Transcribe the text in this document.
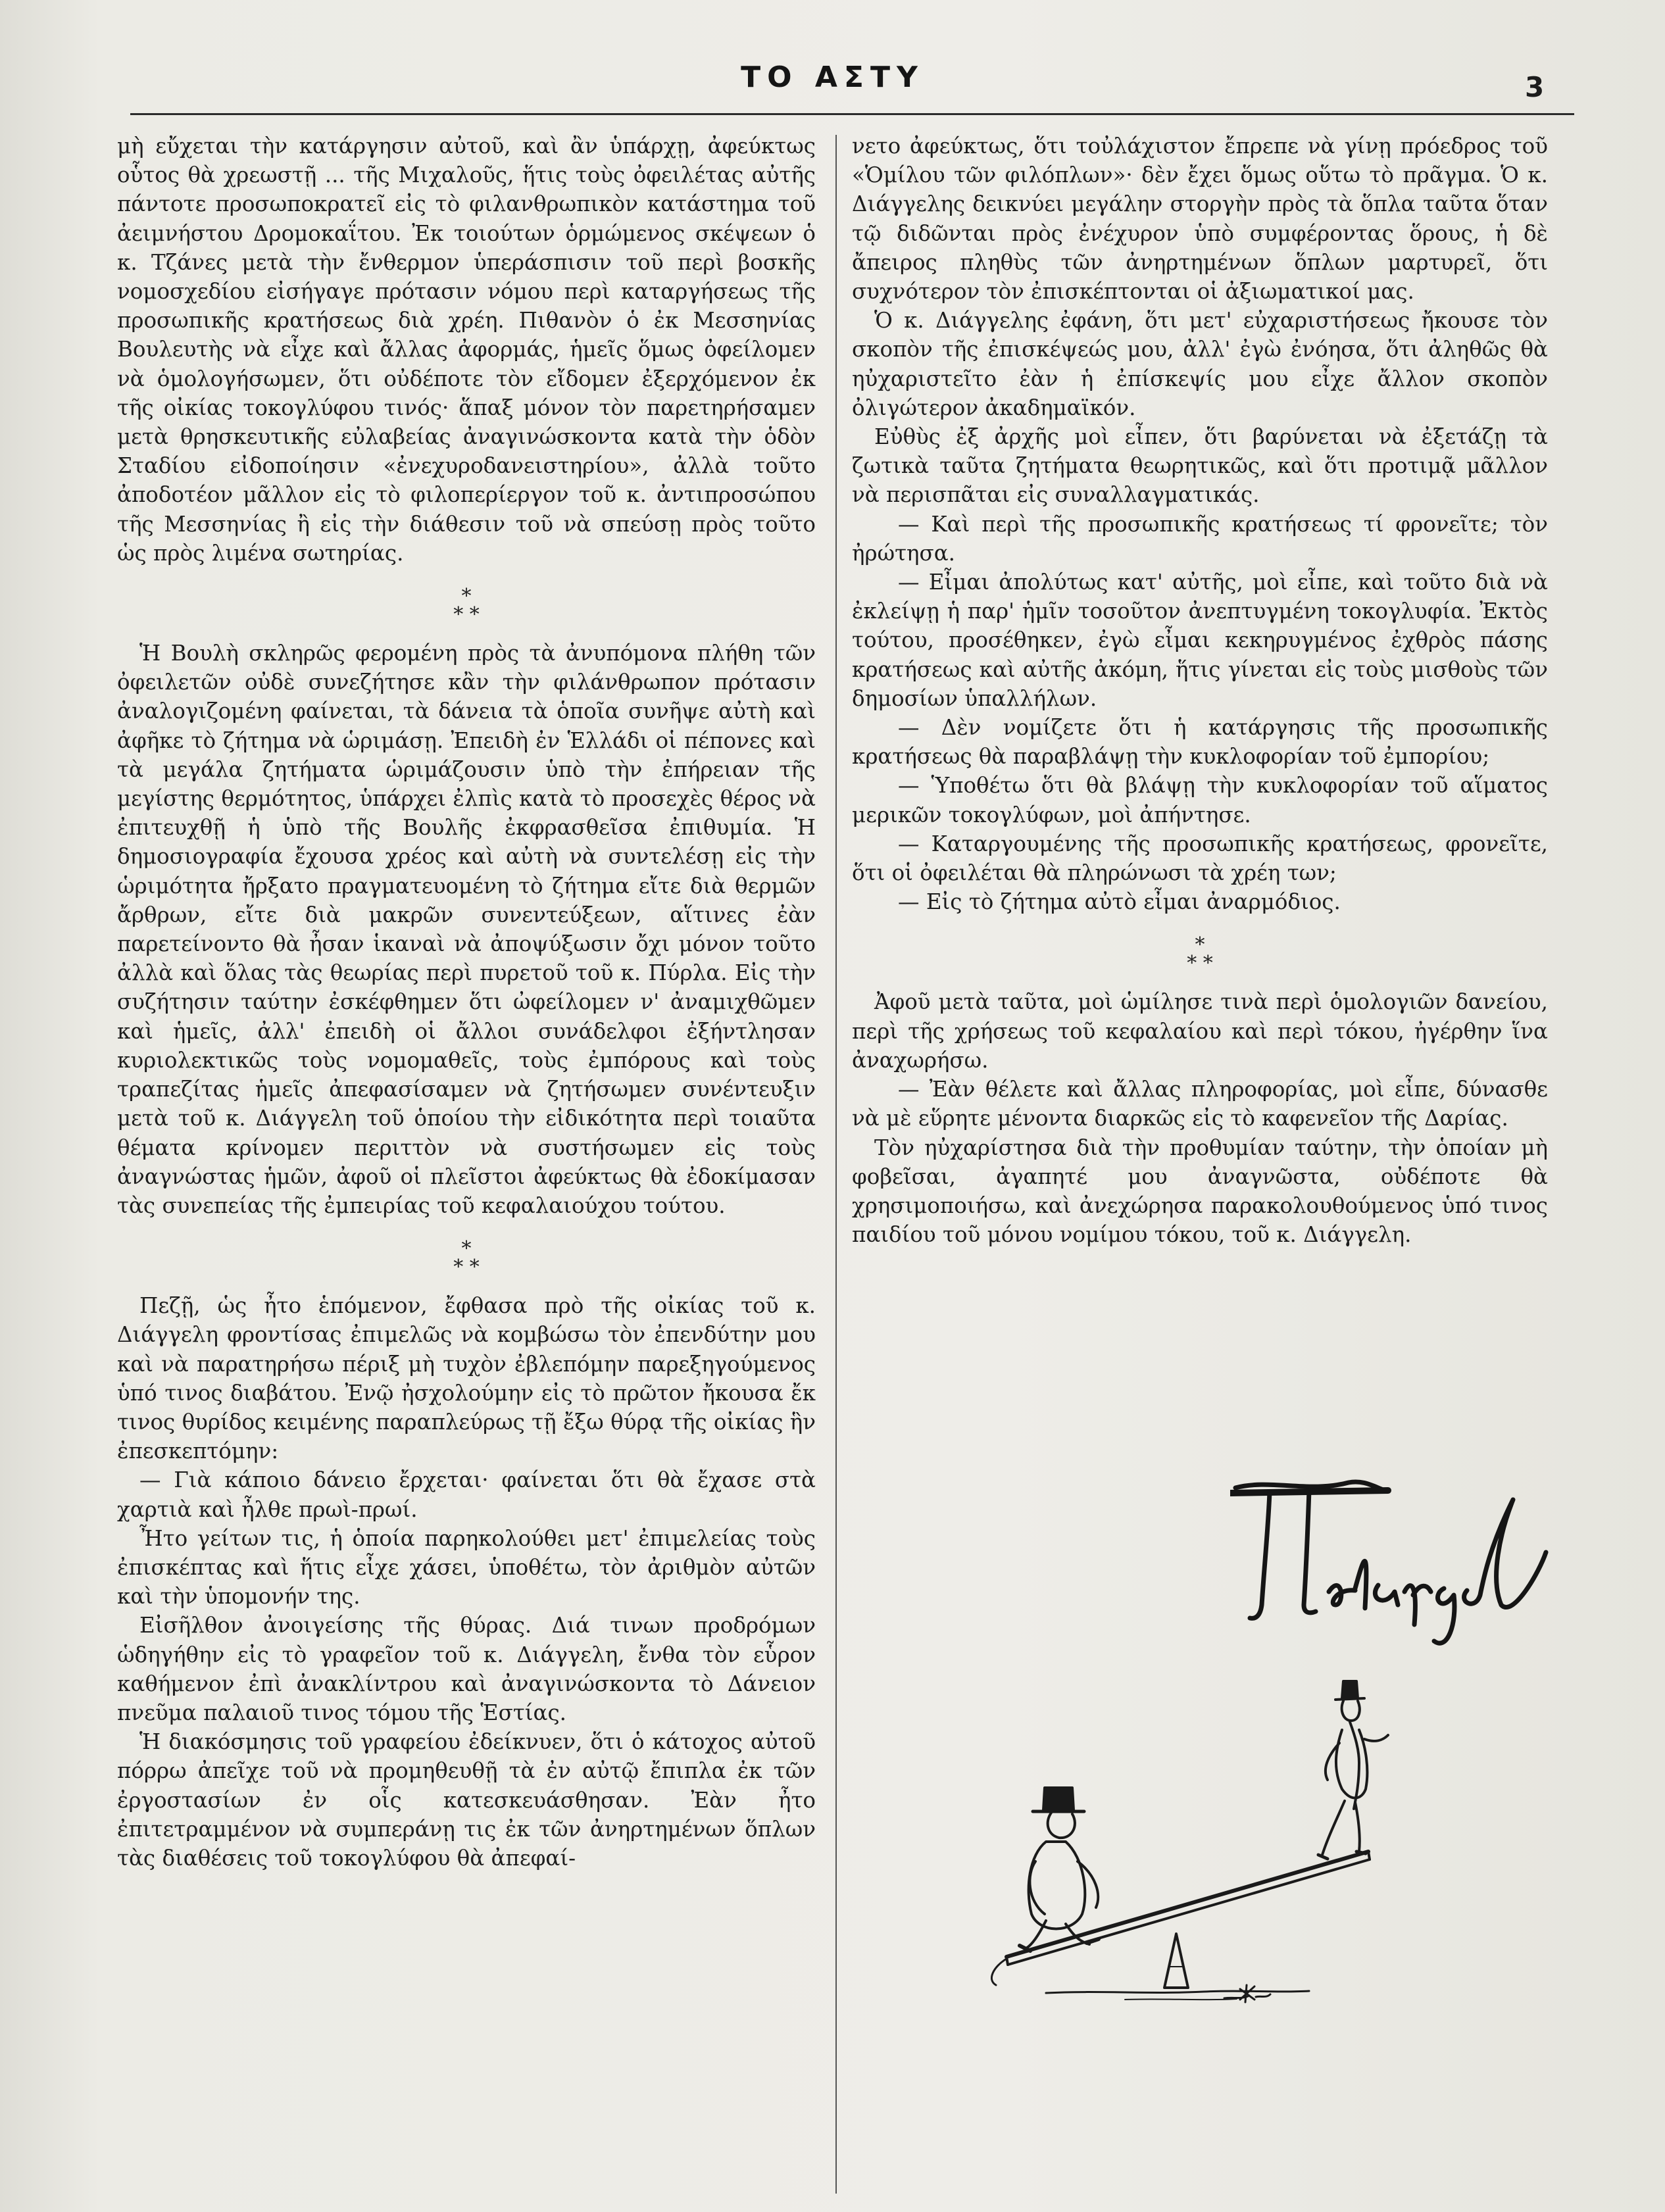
ΤΟ ΑΣΤΥ	3

μὴ εὔχεται τὴν κατάργησιν αὐτοῦ, καὶ ἂν ὑπάρχῃ, ἀφεύκτως οὗτος θὰ χρεωστῇ ... τῆς Μιχαλοῦς, ἥτις τοὺς ὀφειλέτας αὐτῆς πάντοτε προσωποκρατεῖ εἰς τὸ φιλανθρωπικὸν κατάστημα τοῦ ἀειμνήστου Δρομοκαΐτου. Ἐκ τοιούτων ὁρμώμενος σκέψεων ὁ κ. Τζάνες μετὰ τὴν ἔνθερμον ὑπεράσπισιν τοῦ περὶ βοσκῆς νομοσχεδίου εἰσήγαγε πρότασιν νόμου περὶ καταργήσεως τῆς προσωπικῆς κρατήσεως διὰ χρέη. Πιθανὸν ὁ ἐκ Μεσσηνίας Βουλευτὴς νὰ εἶχε καὶ ἄλλας ἀφορμάς, ἡμεῖς ὅμως ὀφείλομεν νὰ ὁμολογήσωμεν, ὅτι οὐδέποτε τὸν εἴδομεν ἐξερχόμενον ἐκ τῆς οἰκίας τοκογλύφου τινός· ἅπαξ μόνον τὸν παρετηρήσαμεν μετὰ θρησκευτικῆς εὐλαβείας ἀναγινώσκοντα κατὰ τὴν ὁδὸν Σταδίου εἰδοποίησιν «ἐνεχυροδανειστηρίου», ἀλλὰ τοῦτο ἀποδοτέον μᾶλλον εἰς τὸ φιλοπερίεργον τοῦ κ. ἀντιπροσώπου τῆς Μεσσηνίας ἢ εἰς τὴν διάθεσιν τοῦ νὰ σπεύσῃ πρὸς τοῦτο ὡς πρὸς λιμένα σωτηρίας.

*
* *

Ἡ Βουλὴ σκληρῶς φερομένη πρὸς τὰ ἀνυπόμονα πλήθη τῶν ὀφειλετῶν οὐδὲ συνεζήτησε κἂν τὴν φιλάνθρωπον πρότασιν ἀναλογιζομένη φαίνεται, τὰ δάνεια τὰ ὁποῖα συνῆψε αὐτὴ καὶ ἀφῆκε τὸ ζήτημα νὰ ὡριμάσῃ. Ἐπειδὴ ἐν Ἑλλάδι οἱ πέπονες καὶ τὰ μεγάλα ζητήματα ὡριμάζουσιν ὑπὸ τὴν ἐπήρειαν τῆς μεγίστης θερμότητος, ὑπάρχει ἐλπὶς κατὰ τὸ προσεχὲς θέρος νὰ ἐπιτευχθῇ ἡ ὑπὸ τῆς Βουλῆς ἐκφρασθεῖσα ἐπιθυμία. Ἡ δημοσιογραφία ἔχουσα χρέος καὶ αὐτὴ νὰ συντελέσῃ εἰς τὴν ὡριμότητα ἤρξατο πραγματευομένη τὸ ζήτημα εἴτε διὰ θερμῶν ἄρθρων, εἴτε διὰ μακρῶν συνεντεύξεων, αἵτινες ἐὰν παρετείνοντο θὰ ἦσαν ἱκαναὶ νὰ ἀποψύξωσιν ὄχι μόνον τοῦτο ἀλλὰ καὶ ὅλας τὰς θεωρίας περὶ πυρετοῦ τοῦ κ. Πύρλα. Εἰς τὴν συζήτησιν ταύτην ἐσκέφθημεν ὅτι ὠφείλομεν ν' ἀναμιχθῶμεν καὶ ἡμεῖς, ἀλλ' ἐπειδὴ οἱ ἄλλοι συνάδελφοι ἐξήντλησαν κυριολεκτικῶς τοὺς νομομαθεῖς, τοὺς ἐμπόρους καὶ τοὺς τραπεζίτας ἡμεῖς ἀπεφασίσαμεν νὰ ζητήσωμεν συνέντευξιν μετὰ τοῦ κ. Διάγγελη τοῦ ὁποίου τὴν εἰδικότητα περὶ τοιαῦτα θέματα κρίνομεν περιττὸν νὰ συστήσωμεν εἰς τοὺς ἀναγνώστας ἡμῶν, ἀφοῦ οἱ πλεῖστοι ἀφεύκτως θὰ ἐδοκίμασαν τὰς συνεπείας τῆς ἐμπειρίας τοῦ κεφαλαιούχου τούτου.

*
* *

Πεζῇ, ὡς ἦτο ἑπόμενον, ἔφθασα πρὸ τῆς οἰκίας τοῦ κ. Διάγγελη φροντίσας ἐπιμελῶς νὰ κομβώσω τὸν ἐπενδύτην μου καὶ νὰ παρατηρήσω πέριξ μὴ τυχὸν ἐβλεπόμην παρεξηγούμενος ὑπό τινος διαβάτου. Ἐνῷ ἠσχολούμην εἰς τὸ πρῶτον ἤκουσα ἔκ τινος θυρίδος κειμένης παραπλεύρως τῇ ἔξω θύρᾳ τῆς οἰκίας ἣν ἐπεσκεπτόμην:

— Γιὰ κάποιο δάνειο ἔρχεται· φαίνεται ὅτι θὰ ἔχασε στὰ χαρτιὰ καὶ ἦλθε πρωὶ-πρωί.

Ἦτο γείτων τις, ἡ ὁποία παρηκολούθει μετ' ἐπιμελείας τοὺς ἐπισκέπτας καὶ ἥτις εἶχε χάσει, ὑποθέτω, τὸν ἀριθμὸν αὐτῶν καὶ τὴν ὑπομονήν της.

Εἰσῆλθον ἀνοιγείσης τῆς θύρας. Διά τινων προδρόμων ὡδηγήθην εἰς τὸ γραφεῖον τοῦ κ. Διάγγελη, ἔνθα τὸν εὗρον καθήμενον ἐπὶ ἀνακλίντρου καὶ ἀναγινώσκοντα τὸ Δάνειον πνεῦμα παλαιοῦ τινος τόμου τῆς Ἑστίας.

Ἡ διακόσμησις τοῦ γραφείου ἐδείκνυεν, ὅτι ὁ κάτοχος αὐτοῦ πόρρω ἀπεῖχε τοῦ νὰ προμηθευθῇ τὰ ἐν αὐτῷ ἔπιπλα ἐκ τῶν ἐργοστασίων ἐν οἷς κατεσκευάσθησαν. Ἐὰν ἦτο ἐπιτετραμμένον νὰ συμπεράνῃ τις ἐκ τῶν ἀνηρτημένων ὅπλων τὰς διαθέσεις τοῦ τοκογλύφου θὰ ἀπεφαί-

νετο ἀφεύκτως, ὅτι τοὐλάχιστον ἔπρεπε νὰ γίνῃ πρόεδρος τοῦ «Ὁμίλου τῶν φιλόπλων»· δὲν ἔχει ὅμως οὕτω τὸ πρᾶγμα. Ὁ κ. Διάγγελης δεικνύει μεγάλην στοργὴν πρὸς τὰ ὅπλα ταῦτα ὅταν τῷ διδῶνται πρὸς ἐνέχυρον ὑπὸ συμφέροντας ὅρους, ἡ δὲ ἄπειρος πληθὺς τῶν ἀνηρτημένων ὅπλων μαρτυρεῖ, ὅτι συχνότερον τὸν ἐπισκέπτονται οἱ ἀξιωματικοί μας.

Ὁ κ. Διάγγελης ἐφάνη, ὅτι μετ' εὐχαριστήσεως ἤκουσε τὸν σκοπὸν τῆς ἐπισκέψεώς μου, ἀλλ' ἐγὼ ἐνόησα, ὅτι ἀληθῶς θὰ ηὐχαριστεῖτο ἐὰν ἡ ἐπίσκεψίς μου εἶχε ἄλλον σκοπὸν ὀλιγώτερον ἀκαδημαϊκόν.

Εὐθὺς ἐξ ἀρχῆς μοὶ εἶπεν, ὅτι βαρύνεται νὰ ἐξετάζῃ τὰ ζωτικὰ ταῦτα ζητήματα θεωρητικῶς, καὶ ὅτι προτιμᾷ μᾶλλον νὰ περισπᾶται εἰς συναλλαγματικάς.

— Καὶ περὶ τῆς προσωπικῆς κρατήσεως τί φρονεῖτε; τὸν ἠρώτησα.

— Εἶμαι ἀπολύτως κατ' αὐτῆς, μοὶ εἶπε, καὶ τοῦτο διὰ νὰ ἐκλείψῃ ἡ παρ' ἡμῖν τοσοῦτον ἀνεπτυγμένη τοκογλυφία. Ἐκτὸς τούτου, προσέθηκεν, ἐγὼ εἶμαι κεκηρυγμένος ἐχθρὸς πάσης κρατήσεως καὶ αὐτῆς ἀκόμη, ἥτις γίνεται εἰς τοὺς μισθοὺς τῶν δημοσίων ὑπαλλήλων.

— Δὲν νομίζετε ὅτι ἡ κατάργησις τῆς προσωπικῆς κρατήσεως θὰ παραβλάψῃ τὴν κυκλοφορίαν τοῦ ἐμπορίου;

— Ὑποθέτω ὅτι θὰ βλάψῃ τὴν κυκλοφορίαν τοῦ αἵματος μερικῶν τοκογλύφων, μοὶ ἀπήντησε.

— Καταργουμένης τῆς προσωπικῆς κρατήσεως, φρονεῖτε, ὅτι οἱ ὀφειλέται θὰ πληρώνωσι τὰ χρέη των;

— Εἰς τὸ ζήτημα αὐτὸ εἶμαι ἀναρμόδιος.

*
* *

Ἀφοῦ μετὰ ταῦτα, μοὶ ὡμίλησε τινὰ περὶ ὁμολογιῶν δανείου, περὶ τῆς χρήσεως τοῦ κεφαλαίου καὶ περὶ τόκου, ἠγέρθην ἵνα ἀναχωρήσω.

— Ἐὰν θέλετε καὶ ἄλλας πληροφορίας, μοὶ εἶπε, δύνασθε νὰ μὲ εὕρητε μένοντα διαρκῶς εἰς τὸ καφενεῖον τῆς Δαρίας.

Τὸν ηὐχαρίστησα διὰ τὴν προθυμίαν ταύτην, τὴν ὁποίαν μὴ φοβεῖσαι, ἀγαπητέ μου ἀναγνῶστα, οὐδέποτε θὰ χρησιμοποιήσω, καὶ ἀνεχώρησα παρακολουθούμενος ὑπό τινος παιδίου τοῦ μόνου νομίμου τόκου, τοῦ κ. Διάγγελη.
